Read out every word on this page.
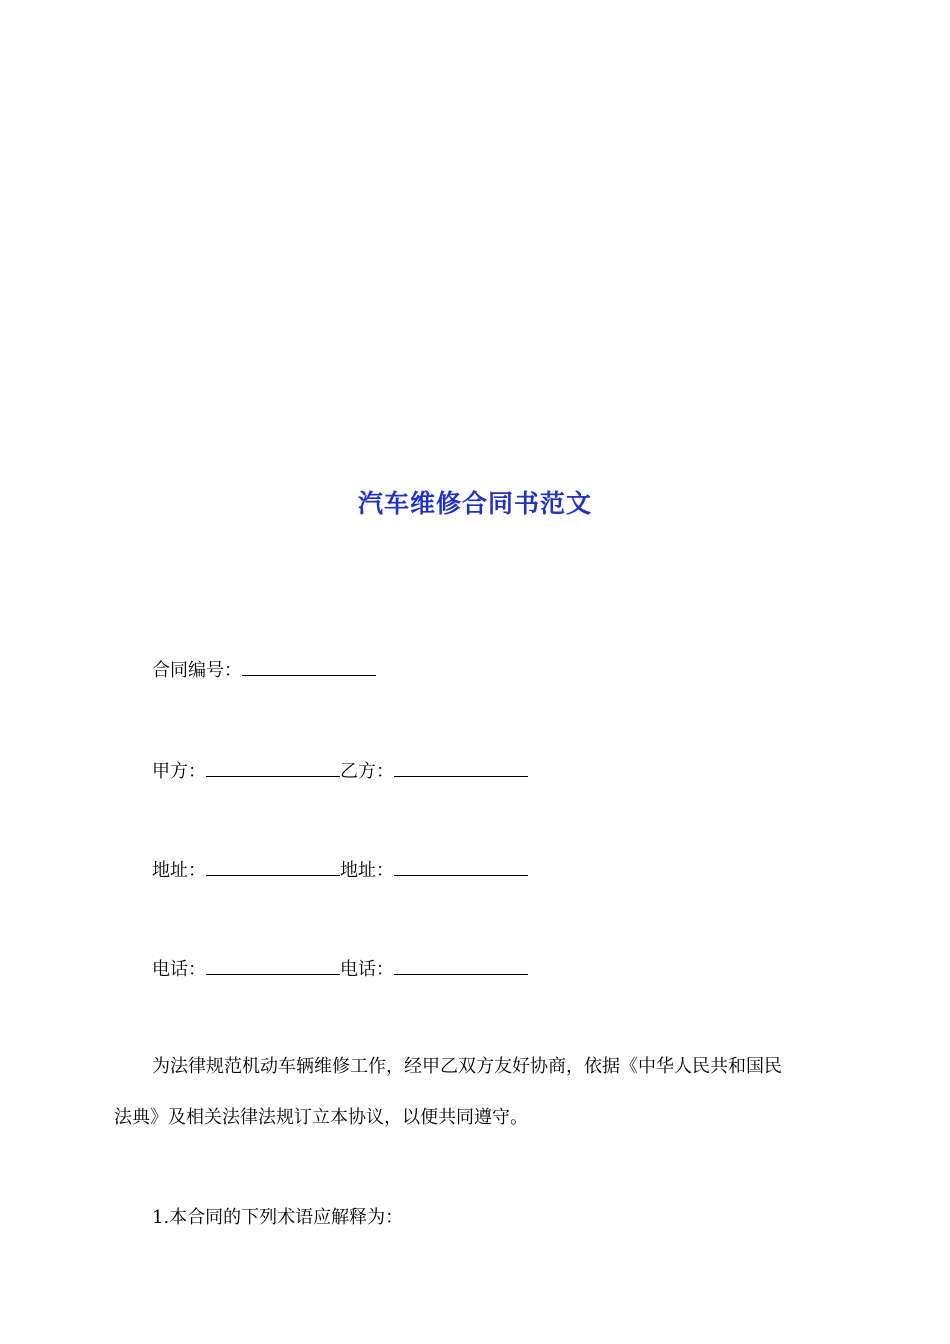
汽车维修合同书范文
合同编号：
甲方：	乙方：
地址：	地址：
电话：	电话：
为法律规范机动车辆维修工作，经甲乙双方友好协商，依据《中华人民共和国民
法典》及相关法律法规订立本协议，以便共同遵守。
1.本合同的下列术语应解释为：
